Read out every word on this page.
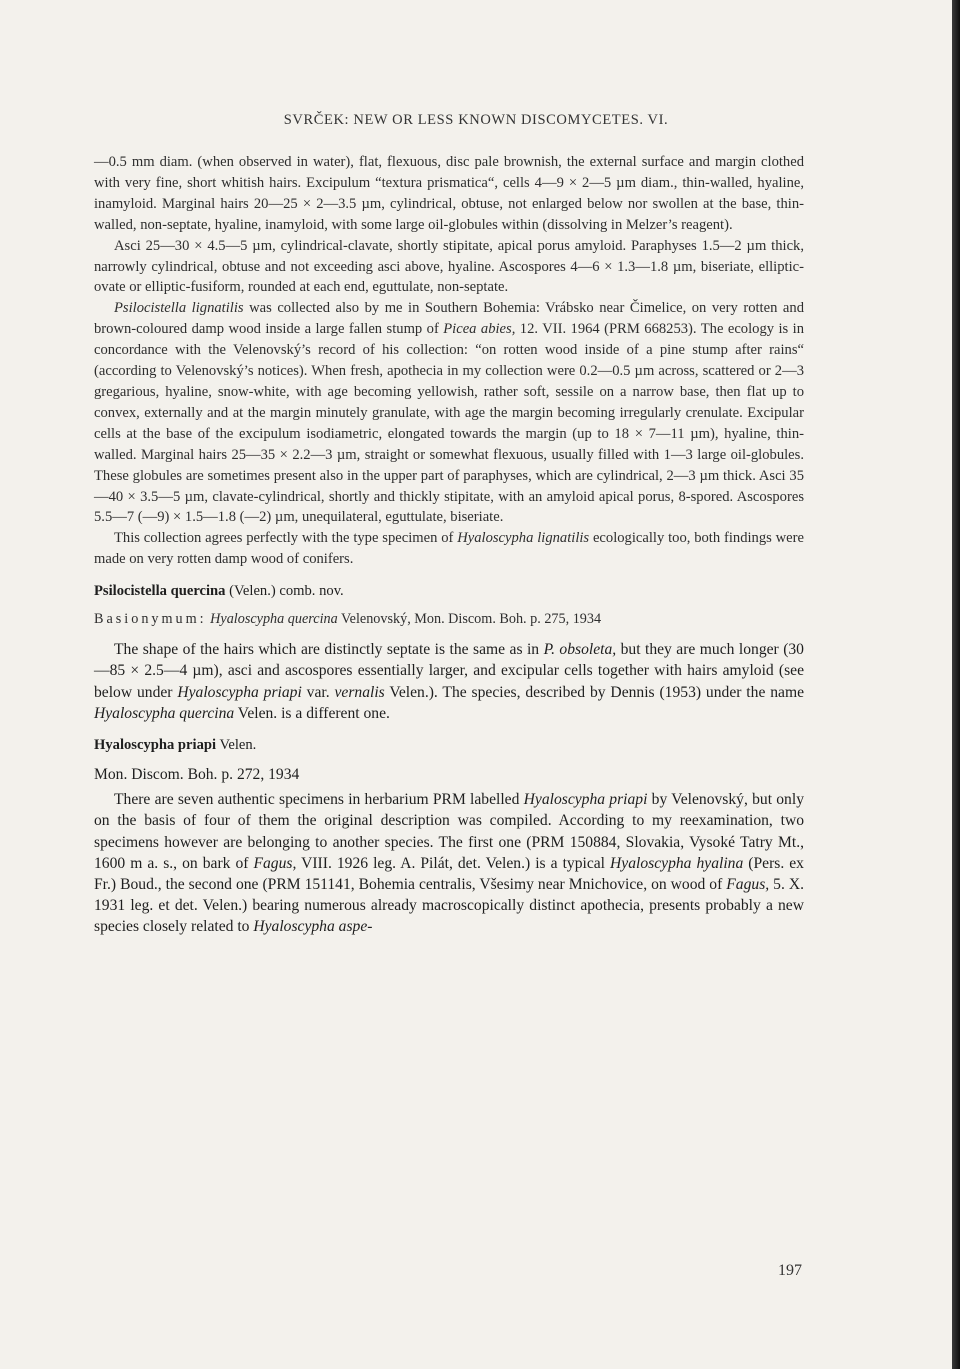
SVRČEK: NEW OR LESS KNOWN DISCOMYCETES. VI.

—0.5 mm diam. (when observed in water), flat, flexuous, disc pale brownish, the external surface and margin clothed with very fine, short whitish hairs. Excipulum “textura prismatica“, cells 4—9 × 2—5 µm diam., thin-walled, hyaline, inamyloid. Marginal hairs 20—25 × 2—3.5 µm, cylindrical, obtuse, not enlarged below nor swollen at the base, thin-walled, non-septate, hyaline, inamyloid, with some large oil-globules within (dissolving in Melzer’s reagent).

Asci 25—30 × 4.5—5 µm, cylindrical-clavate, shortly stipitate, apical porus amyloid. Paraphyses 1.5—2 µm thick, narrowly cylindrical, obtuse and not exceeding asci above, hyaline. Ascospores 4—6 × 1.3—1.8 µm, biseriate, elliptic-ovate or elliptic-fusiform, rounded at each end, eguttulate, non-septate.

Psilocistella lignatilis was collected also by me in Southern Bohemia: Vrábsko near Čimelice, on very rotten and brown-coloured damp wood inside a large fallen stump of Picea abies, 12. VII. 1964 (PRM 668253). The ecology is in concordance with the Velenovský’s record of his collection: “on rotten wood inside of a pine stump after rains“ (according to Velenovský’s notices). When fresh, apothecia in my collection were 0.2—0.5 µm across, scattered or 2—3 gregarious, hyaline, snow-white, with age becoming yellowish, rather soft, sessile on a narrow base, then flat up to convex, externally and at the margin minutely granulate, with age the margin becoming irregularly crenulate. Excipular cells at the base of the excipulum isodiametric, elongated towards the margin (up to 18 × 7—11 µm), hyaline, thin-walled. Marginal hairs 25—35 × 2.2—3 µm, straight or somewhat flexuous, usually filled with 1—3 large oil-globules. These globules are sometimes present also in the upper part of paraphyses, which are cylindrical, 2—3 µm thick. Asci 35—40 × 3.5—5 µm, clavate-cylindrical, shortly and thickly stipitate, with an amyloid apical porus, 8-spored. Ascospores 5.5—7 (—9) × 1.5—1.8 (—2) µm, unequilateral, eguttulate, biseriate.

This collection agrees perfectly with the type specimen of Hyaloscypha lignatilis ecologically too, both findings were made on very rotten damp wood of conifers.

Psilocistella quercina (Velen.) comb. nov.

Basionymum: Hyaloscypha quercina Velenovský, Mon. Discom. Boh. p. 275, 1934

The shape of the hairs which are distinctly septate is the same as in P. obsoleta, but they are much longer (30—85 × 2.5—4 µm), asci and ascospores essentially larger, and excipular cells together with hairs amyloid (see below under Hyaloscypha priapi var. vernalis Velen.). The species, described by Dennis (1953) under the name Hyaloscypha quercina Velen. is a different one.

Hyaloscypha priapi Velen.

Mon. Discom. Boh. p. 272, 1934

There are seven authentic specimens in herbarium PRM labelled Hyaloscypha priapi by Velenovský, but only on the basis of four of them the original description was compiled. According to my reexamination, two specimens however are belonging to another species. The first one (PRM 150884, Slovakia, Vysoké Tatry Mt., 1600 m a. s., on bark of Fagus, VIII. 1926 leg. A. Pilát, det. Velen.) is a typical Hyaloscypha hyalina (Pers. ex Fr.) Boud., the second one (PRM 151141, Bohemia centralis, Všesimy near Mnichovice, on wood of Fagus, 5. X. 1931 leg. et det. Velen.) bearing numerous already macroscopically distinct apothecia, presents probably a new species closely related to Hyaloscypha aspe-

197
